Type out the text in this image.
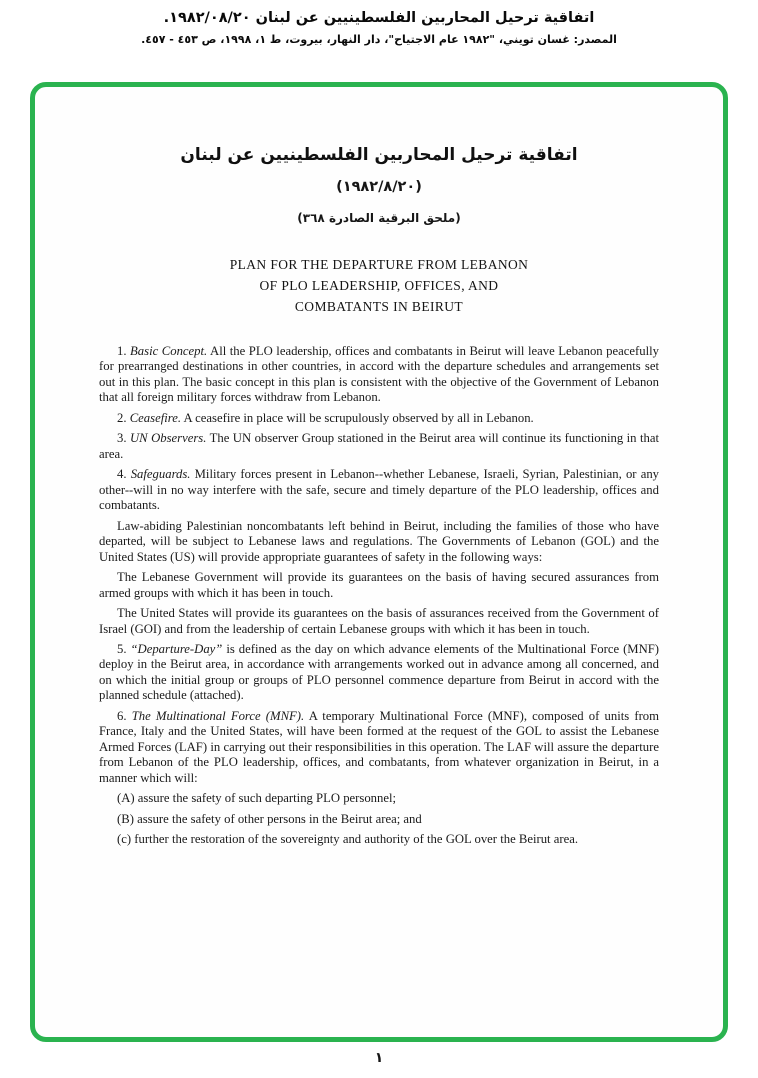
اتفاقية ترحيل المحاربين الفلسطينيين عن لبنان ١٩٨٢/٠٨/٢٠.
المصدر: غسان تويني، "١٩٨٢ عام الاجتياح"، دار النهار، بيروت، ط ١، ١٩٩٨، ص ٤٥٣ - ٤٥٧.
اتفاقية ترحيل المحاربين الفلسطينيين عن لبنان
(١٩٨٢/٨/٢٠)
(ملحق البرقية الصادرة ٣٦٨)
PLAN FOR THE DEPARTURE FROM LEBANON
OF PLO LEADERSHIP, OFFICES, AND
COMBATANTS IN BEIRUT

1. Basic Concept. All the PLO leadership, offices and combatants in Beirut will leave Lebanon peacefully for prearranged destinations in other countries, in accord with the departure schedules and arrangements set out in this plan. The basic concept in this plan is consistent with the objective of the Government of Lebanon that all foreign military forces withdraw from Lebanon.

2. Ceasefire. A ceasefire in place will be scrupulously observed by all in Lebanon.

3. UN Observers. The UN observer Group stationed in the Beirut area will continue its functioning in that area.

4. Safeguards. Military forces present in Lebanon--whether Lebanese, Israeli, Syrian, Palestinian, or any other--will in no way interfere with the safe, secure and timely departure of the PLO leadership, offices and combatants.

Law-abiding Palestinian noncombatants left behind in Beirut, including the families of those who have departed, will be subject to Lebanese laws and regulations. The Governments of Lebanon (GOL) and the United States (US) will provide appropriate guarantees of safety in the following ways:

The Lebanese Government will provide its guarantees on the basis of having secured assurances from armed groups with which it has been in touch.

The United States will provide its guarantees on the basis of assurances received from the Government of Israel (GOI) and from the leadership of certain Lebanese groups with which it has been in touch.

5. “Departure-Day” is defined as the day on which advance elements of the Multinational Force (MNF) deploy in the Beirut area, in accordance with arrangements worked out in advance among all concerned, and on which the initial group or groups of PLO personnel commence departure from Beirut in accord with the planned schedule (attached).

6. The Multinational Force (MNF). A temporary Multinational Force (MNF), composed of units from France, Italy and the United States, will have been formed at the request of the GOL to assist the Lebanese Armed Forces (LAF) in carrying out their responsibilities in this operation. The LAF will assure the departure from Lebanon of the PLO leadership, offices, and combatants, from whatever organization in Beirut, in a manner which will:

(A) assure the safety of such departing PLO personnel;

(B) assure the safety of other persons in the Beirut area; and

(c) further the restoration of the sovereignty and authority of the GOL over the Beirut area.

١
